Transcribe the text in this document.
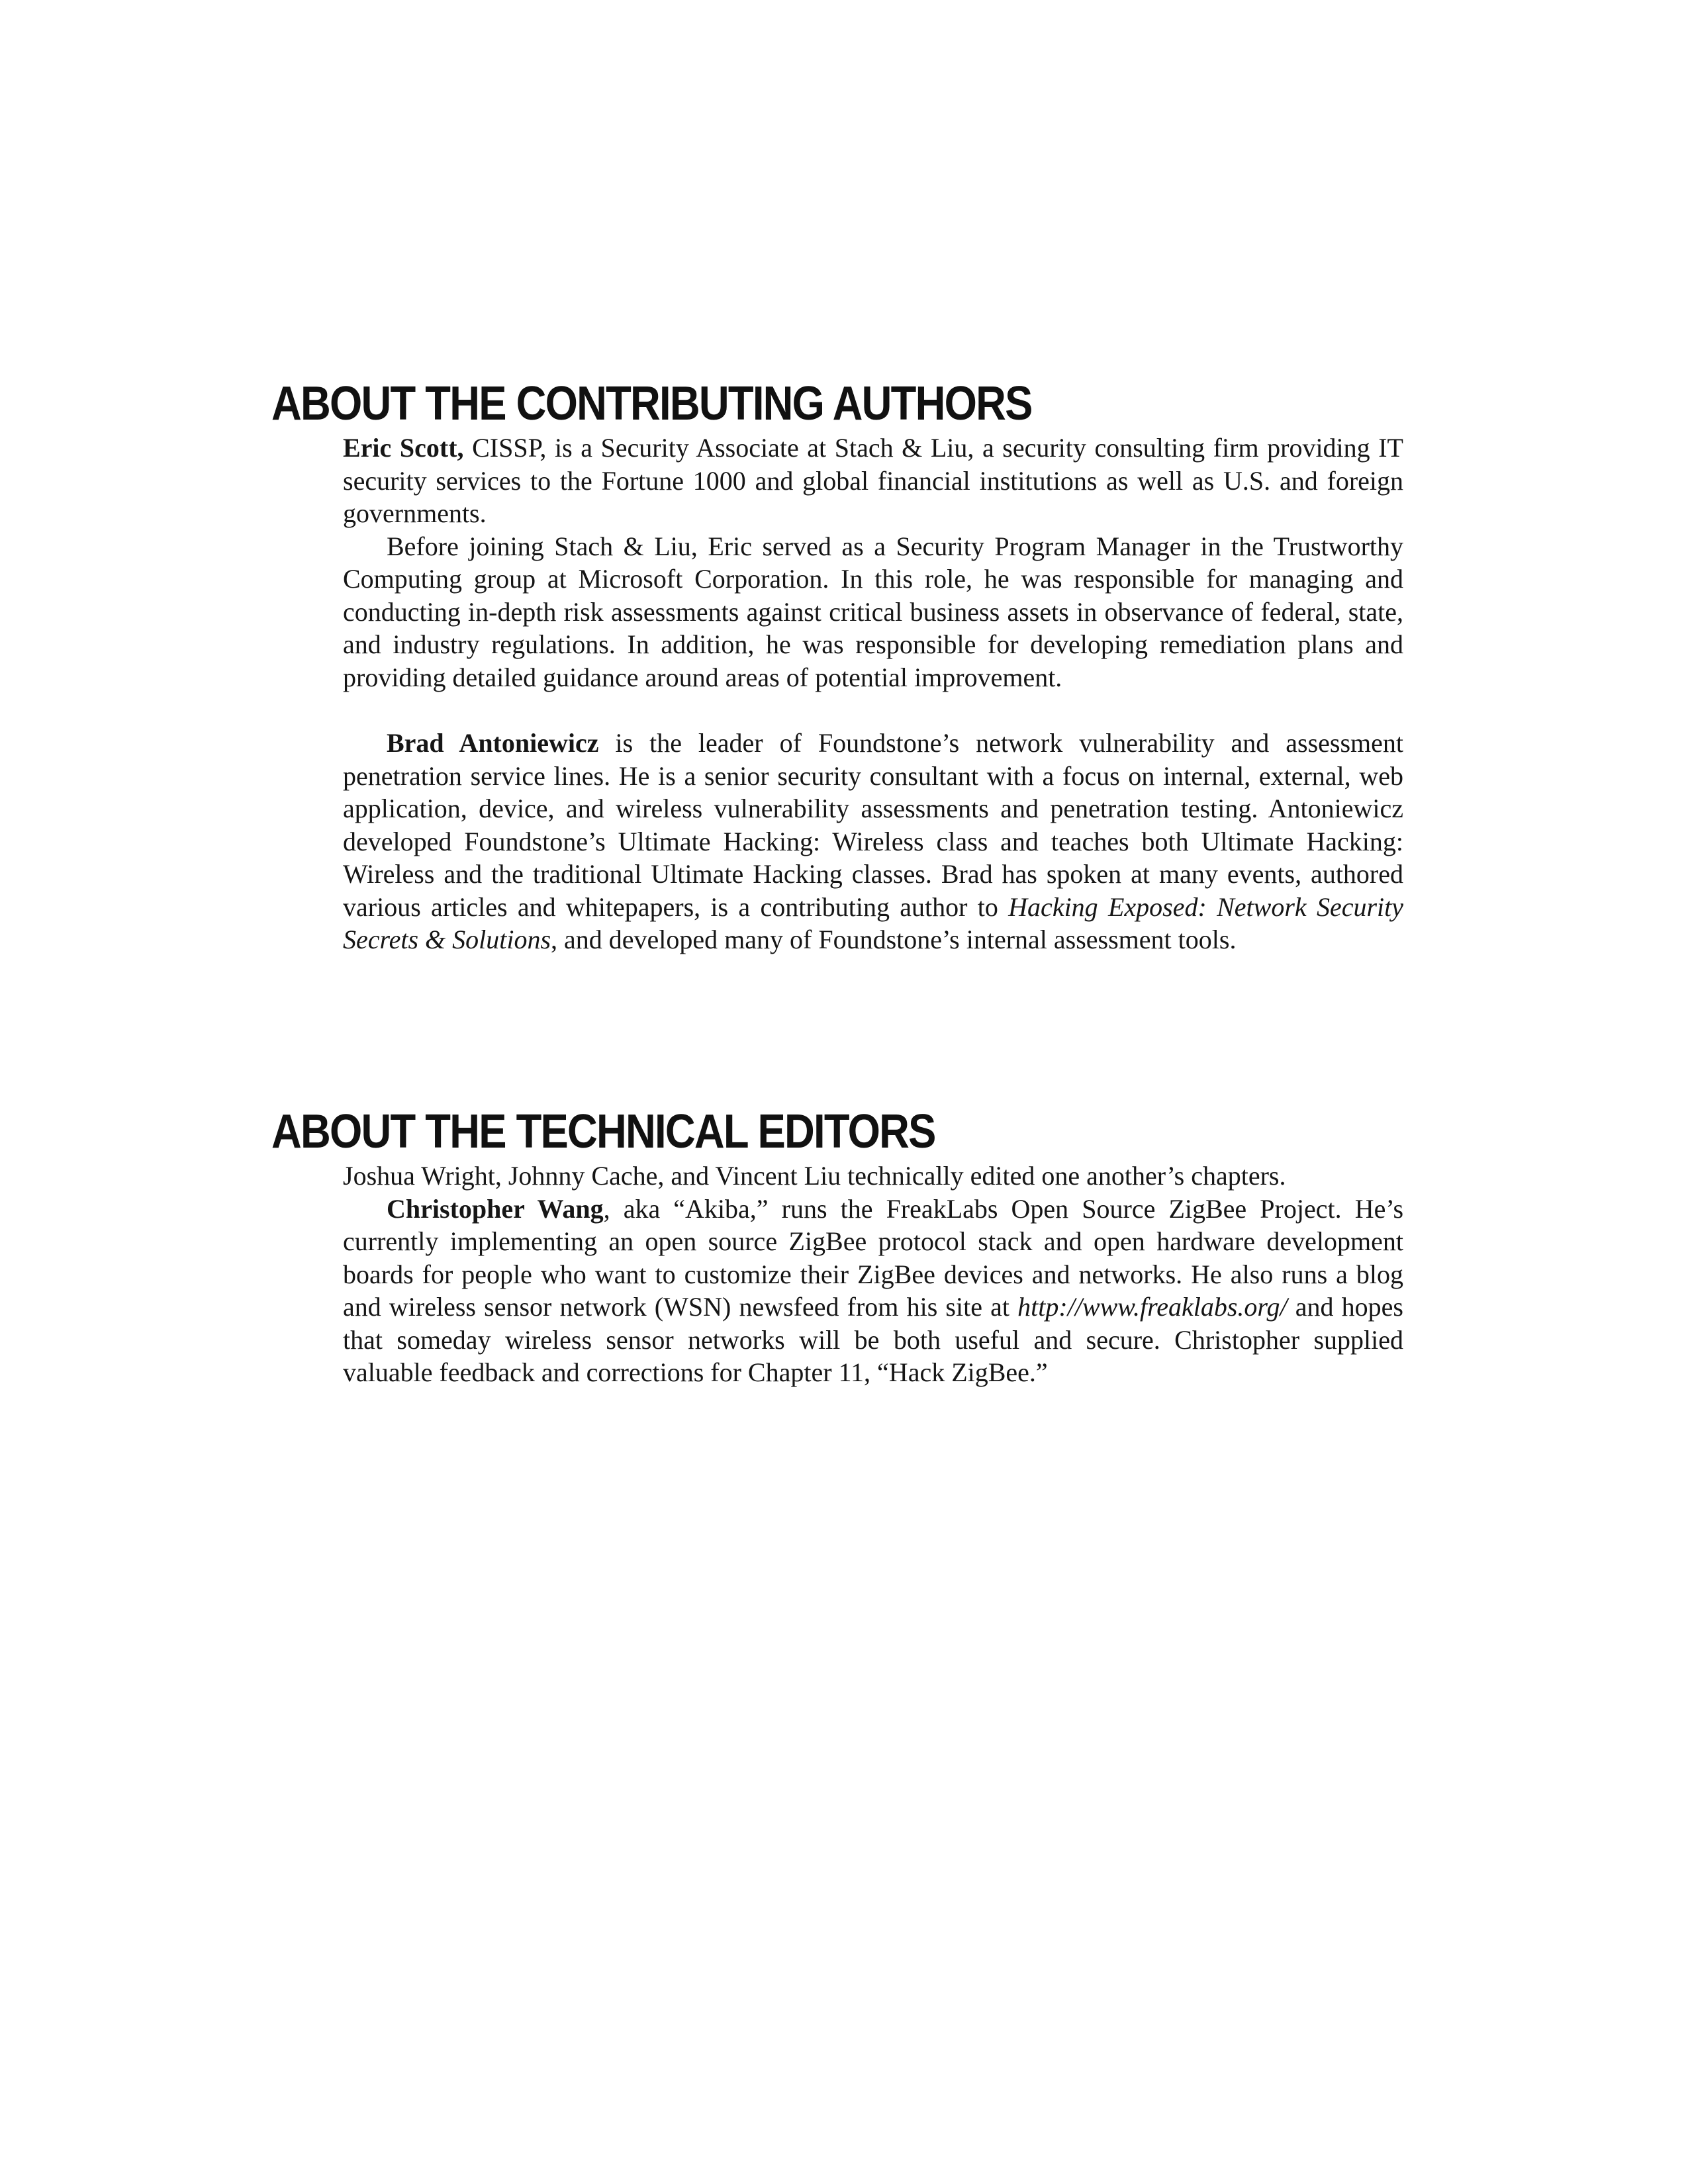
ABOUT THE CONTRIBUTING AUTHORS

Eric Scott, CISSP, is a Security Associate at Stach & Liu, a security consulting firm providing IT security services to the Fortune 1000 and global financial institutions as well as U.S. and foreign governments.

Before joining Stach & Liu, Eric served as a Security Program Manager in the Trustworthy Computing group at Microsoft Corporation. In this role, he was responsible for managing and conducting in-depth risk assessments against critical business assets in observance of federal, state, and industry regulations. In addition, he was responsible for developing remediation plans and providing detailed guidance around areas of potential improvement.

Brad Antoniewicz is the leader of Foundstone’s network vulnerability and assessment penetration service lines. He is a senior security consultant with a focus on internal, external, web application, device, and wireless vulnerability assessments and penetration testing. Antoniewicz developed Foundstone’s Ultimate Hacking: Wireless class and teaches both Ultimate Hacking: Wireless and the traditional Ultimate Hacking classes. Brad has spoken at many events, authored various articles and whitepapers, is a contributing author to Hacking Exposed: Network Security Secrets & Solutions, and developed many of Foundstone’s internal assessment tools.

ABOUT THE TECHNICAL EDITORS

Joshua Wright, Johnny Cache, and Vincent Liu technically edited one another’s chapters.

Christopher Wang, aka “Akiba,” runs the FreakLabs Open Source ZigBee Project. He’s currently implementing an open source ZigBee protocol stack and open hardware development boards for people who want to customize their ZigBee devices and networks. He also runs a blog and wireless sensor network (WSN) newsfeed from his site at http://www.freaklabs.org/ and hopes that someday wireless sensor networks will be both useful and secure. Christopher supplied valuable feedback and corrections for Chapter 11, “Hack ZigBee.”
